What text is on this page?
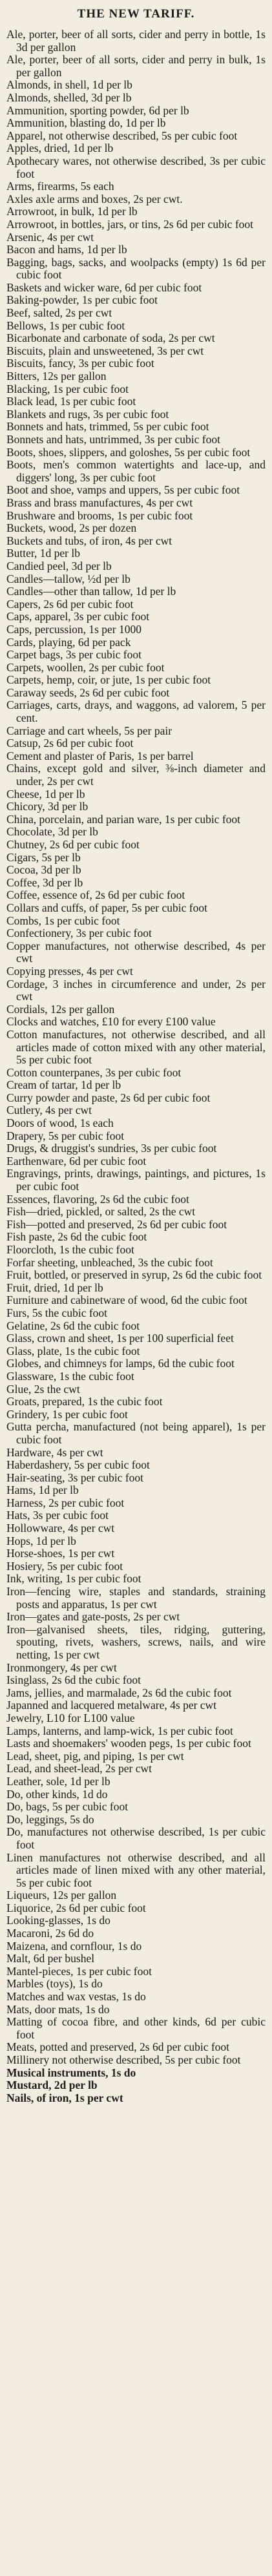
THE NEW TARIFF.

Ale, porter, beer of all sorts, cider and perry in bottle, 1s 3d per gallon

Ale, porter, beer of all sorts, cider and perry in bulk, 1s per gallon

Almonds, in shell, 1d per lb

Almonds, shelled, 3d per lb

Ammunition, sporting powder, 6d per lb

Ammunition, blasting do, 1d per lb

Apparel, not otherwise described, 5s per cubic foot

Apples, dried, 1d per lb

Apothecary wares, not otherwise described, 3s per cubic foot

Arms, firearms, 5s each

Axles axle arms and boxes, 2s per cwt.

Arrowroot, in bulk, 1d per lb

Arrowroot, in bottles, jars, or tins, 2s 6d per cubic foot

Arsenic, 4s per cwt

Bacon and hams, 1d per lb

Bagging, bags, sacks, and woolpacks (empty) 1s 6d per cubic foot

Baskets and wicker ware, 6d per cubic foot

Baking-powder, 1s per cubic foot

Beef, salted, 2s per cwt

Bellows, 1s per cubic foot

Bicarbonate and carbonate of soda, 2s per cwt

Biscuits, plain and unsweetened, 3s per cwt

Biscuits, fancy, 3s per cubic foot

Bitters, 12s per gallon

Blacking, 1s per cubic foot

Black lead, 1s per cubic foot

Blankets and rugs, 3s per cubic foot

Bonnets and hats, trimmed, 5s per cubic foot

Bonnets and hats, untrimmed, 3s per cubic foot

Boots, shoes, slippers, and goloshes, 5s per cubic foot

Boots, men's common watertights and lace-up, and diggers' long, 3s per cubic foot

Boot and shoe, vamps and uppers, 5s per cubic foot

Brass and brass manufactures, 4s per cwt

Brushware and brooms, 1s per cubic foot

Buckets, wood, 2s per dozen

Buckets and tubs, of iron, 4s per cwt

Butter, 1d per lb

Candied peel, 3d per lb

Candles—tallow, ½d per lb

Candles—other than tallow, 1d per lb

Capers, 2s 6d per cubic foot

Caps, apparel, 3s per cubic foot

Caps, percussion, 1s per 1000

Cards, playing, 6d per pack

Carpet bags, 3s per cubic foot

Carpets, woollen, 2s per cubic foot

Carpets, hemp, coir, or jute, 1s per cubic foot

Caraway seeds, 2s 6d per cubic foot

Carriages, carts, drays, and waggons, ad valorem, 5 per cent.

Carriage and cart wheels, 5s per pair

Catsup, 2s 6d per cubic foot

Cement and plaster of Paris, 1s per barrel

Chains, except gold and silver, ⅜-inch diameter and under, 2s per cwt

Cheese, 1d per lb

Chicory, 3d per lb

China, porcelain, and parian ware, 1s per cubic foot

Chocolate, 3d per lb

Chutney, 2s 6d per cubic foot

Cigars, 5s per lb

Cocoa, 3d per lb

Coffee, 3d per lb

Coffee, essence of, 2s 6d per cubic foot

Collars and cuffs, of paper, 5s per cubic foot

Combs, 1s per cubic foot

Confectionery, 3s per cubic foot

Copper manufactures, not otherwise described, 4s per cwt

Copying presses, 4s per cwt

Cordage, 3 inches in circumference and under, 2s per cwt

Cordials, 12s per gallon

Clocks and watches, £10 for every £100 value

Cotton manufactures, not otherwise described, and all articles made of cotton mixed with any other material, 5s per cubic foot

Cotton counterpanes, 3s per cubic foot

Cream of tartar, 1d per lb

Curry powder and paste, 2s 6d per cubic foot

Cutlery, 4s per cwt

Doors of wood, 1s each

Drapery, 5s per cubic foot

Drugs, & druggist's sundries, 3s per cubic foot

Earthenware, 6d per cubic foot

Engravings, prints, drawings, paintings, and pictures, 1s per cubic foot

Essences, flavoring, 2s 6d the cubic foot

Fish—dried, pickled, or salted, 2s the cwt

Fish—potted and preserved, 2s 6d per cubic foot

Fish paste, 2s 6d the cubic foot

Floorcloth, 1s the cubic foot

Forfar sheeting, unbleached, 3s the cubic foot

Fruit, bottled, or preserved in syrup, 2s 6d the cubic foot

Fruit, dried, 1d per lb

Furniture and cabinetware of wood, 6d the cubic foot

Furs, 5s the cubic foot

Gelatine, 2s 6d the cubic foot

Glass, crown and sheet, 1s per 100 superficial feet

Glass, plate, 1s the cubic foot

Globes, and chimneys for lamps, 6d the cubic foot

Glassware, 1s the cubic foot

Glue, 2s the cwt

Groats, prepared, 1s the cubic foot

Grindery, 1s per cubic foot

Gutta percha, manufactured (not being apparel), 1s per cubic foot

Hardware, 4s per cwt

Haberdashery, 5s per cubic foot

Hair-seating, 3s per cubic foot

Hams, 1d per lb

Harness, 2s per cubic foot

Hats, 3s per cubic foot

Hollowware, 4s per cwt

Hops, 1d per lb

Horse-shoes, 1s per cwt

Hosiery, 5s per cubic foot

Ink, writing, 1s per cubic foot

Iron—fencing wire, staples and standards, straining posts and apparatus, 1s per cwt

Iron—gates and gate-posts, 2s per cwt

Iron—galvanised sheets, tiles, ridging, guttering, spouting, rivets, washers, screws, nails, and wire netting, 1s per cwt

Ironmongery, 4s per cwt

Isinglass, 2s 6d the cubic foot

Jams, jellies, and marmalade, 2s 6d the cubic foot

Japanned and lacquered metalware, 4s per cwt

Jewelry, L10 for L100 value

Lamps, lanterns, and lamp-wick, 1s per cubic foot

Lasts and shoemakers' wooden pegs, 1s per cubic foot

Lead, sheet, pig, and piping, 1s per cwt

Lead, and sheet-lead, 2s per cwt

Leather, sole, 1d per lb

Do, other kinds, 1d do

Do, bags, 5s per cubic foot

Do, leggings, 5s do

Do, manufactures not otherwise described, 1s per cubic foot

Linen manufactures not otherwise described, and all articles made of linen mixed with any other material, 5s per cubic foot

Liqueurs, 12s per gallon

Liquorice, 2s 6d per cubic foot

Looking-glasses, 1s do

Macaroni, 2s 6d do

Maizena, and cornflour, 1s do

Malt, 6d per bushel

Mantel-pieces, 1s per cubic foot

Marbles (toys), 1s do

Matches and wax vestas, 1s do

Mats, door mats, 1s do

Matting of cocoa fibre, and other kinds, 6d per cubic foot

Meats, potted and preserved, 2s 6d per cubic foot

Millinery not otherwise described, 5s per cubic foot

Musical instruments, 1s do

Mustard, 2d per lb

Nails, of iron, 1s per cwt
